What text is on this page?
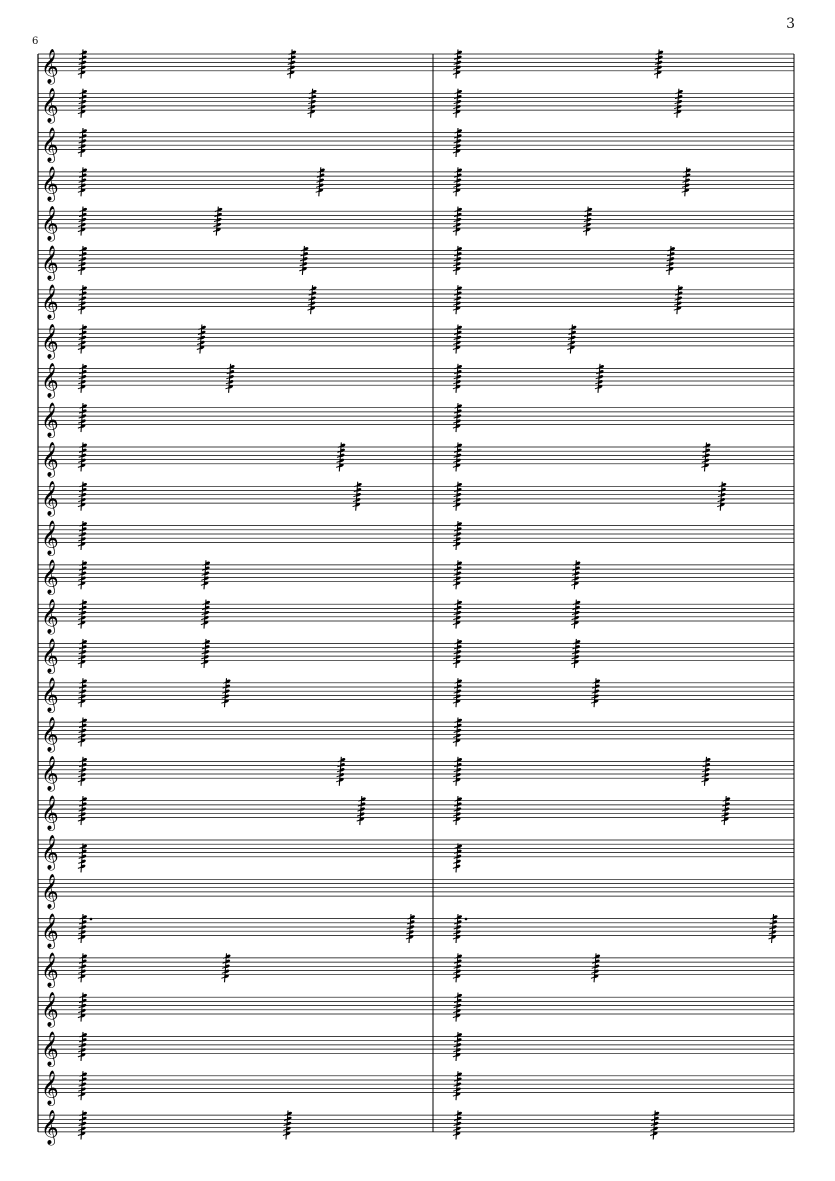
3
6
𝄞
𝄞
𝄞
𝄞
𝄞
𝄞
𝄞
𝄞
𝄞
𝄞
𝄞
𝄞
𝄞
𝄞
𝄞
𝄞
𝄞
𝄞
𝄞
𝄞
𝄞
𝄞
𝄞
𝄞
𝄞
𝄞
𝄞
𝄞
